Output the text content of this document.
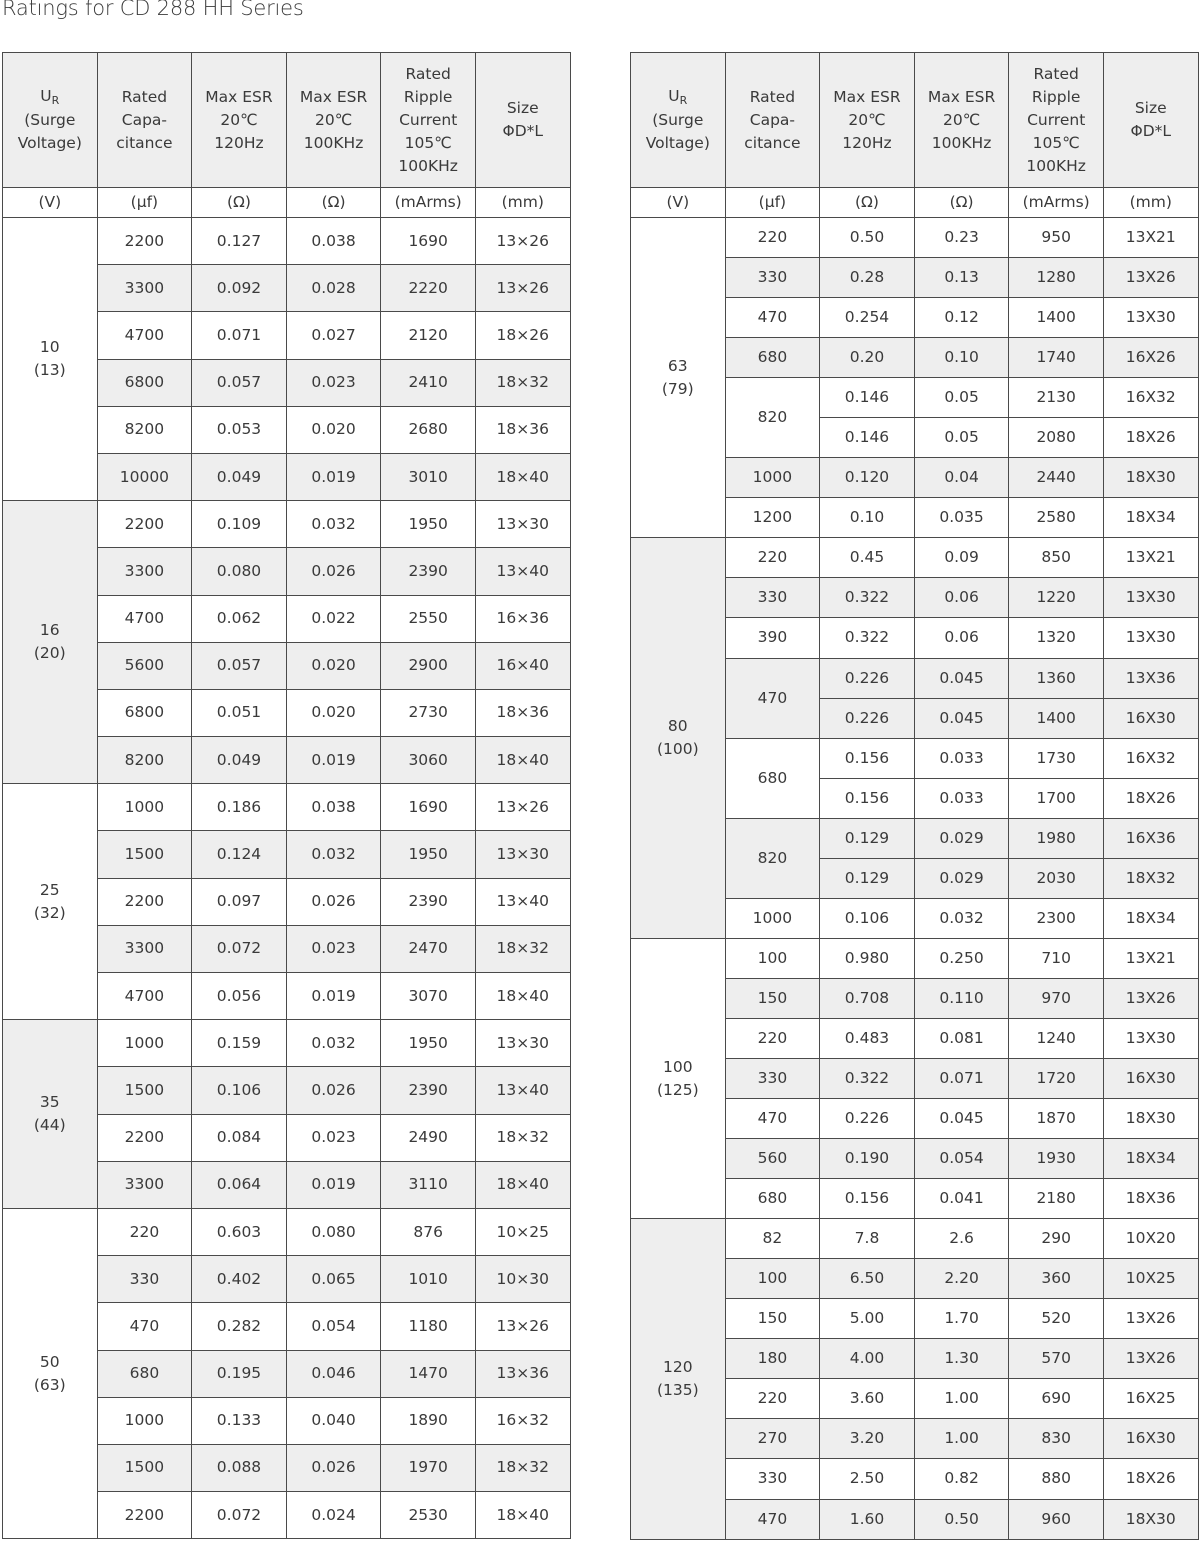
Ratings for CD 288 HH Series
UR
(Surge
Voltage)	Rated
Capa-
citance	Max ESR
20℃
120Hz	Max ESR
20℃
100KHz	Rated
Ripple
Current
105℃
100KHz	Size
ΦD*L
(V)	(μf)	(Ω)	(Ω)	(mArms)	(mm)
10
(13)	2200	0.127	0.038	1690	13×26
	3300	0.092	0.028	2220	13×26
	4700	0.071	0.027	2120	18×26
	6800	0.057	0.023	2410	18×32
	8200	0.053	0.020	2680	18×36
	10000	0.049	0.019	3010	18×40
16
(20)	2200	0.109	0.032	1950	13×30
	3300	0.080	0.026	2390	13×40
	4700	0.062	0.022	2550	16×36
	5600	0.057	0.020	2900	16×40
	6800	0.051	0.020	2730	18×36
	8200	0.049	0.019	3060	18×40
25
(32)	1000	0.186	0.038	1690	13×26
	1500	0.124	0.032	1950	13×30
	2200	0.097	0.026	2390	13×40
	3300	0.072	0.023	2470	18×32
	4700	0.056	0.019	3070	18×40
35
(44)	1000	0.159	0.032	1950	13×30
	1500	0.106	0.026	2390	13×40
	2200	0.084	0.023	2490	18×32
	3300	0.064	0.019	3110	18×40
50
(63)	220	0.603	0.080	876	10×25
	330	0.402	0.065	1010	10×30
	470	0.282	0.054	1180	13×26
	680	0.195	0.046	1470	13×36
	1000	0.133	0.040	1890	16×32
	1500	0.088	0.026	1970	18×32
	2200	0.072	0.024	2530	18×40
UR
(Surge
Voltage)	Rated
Capa-
citance	Max ESR
20℃
120Hz	Max ESR
20℃
100KHz	Rated
Ripple
Current
105℃
100KHz	Size
ΦD*L
(V)	(μf)	(Ω)	(Ω)	(mArms)	(mm)
63
(79)	220	0.50	0.23	950	13X21
	330	0.28	0.13	1280	13X26
	470	0.254	0.12	1400	13X30
	680	0.20	0.10	1740	16X26
	820	0.146	0.05	2130	16X32
		0.146	0.05	2080	18X26
	1000	0.120	0.04	2440	18X30
	1200	0.10	0.035	2580	18X34
80
(100)	220	0.45	0.09	850	13X21
	330	0.322	0.06	1220	13X30
	390	0.322	0.06	1320	13X30
	470	0.226	0.045	1360	13X36
		0.226	0.045	1400	16X30
	680	0.156	0.033	1730	16X32
		0.156	0.033	1700	18X26
	820	0.129	0.029	1980	16X36
		0.129	0.029	2030	18X32
	1000	0.106	0.032	2300	18X34
100
(125)	100	0.980	0.250	710	13X21
	150	0.708	0.110	970	13X26
	220	0.483	0.081	1240	13X30
	330	0.322	0.071	1720	16X30
	470	0.226	0.045	1870	18X30
	560	0.190	0.054	1930	18X34
	680	0.156	0.041	2180	18X36
120
(135)	82	7.8	2.6	290	10X20
	100	6.50	2.20	360	10X25
	150	5.00	1.70	520	13X26
	180	4.00	1.30	570	13X26
	220	3.60	1.00	690	16X25
	270	3.20	1.00	830	16X30
	330	2.50	0.82	880	18X26
	470	1.60	0.50	960	18X30
